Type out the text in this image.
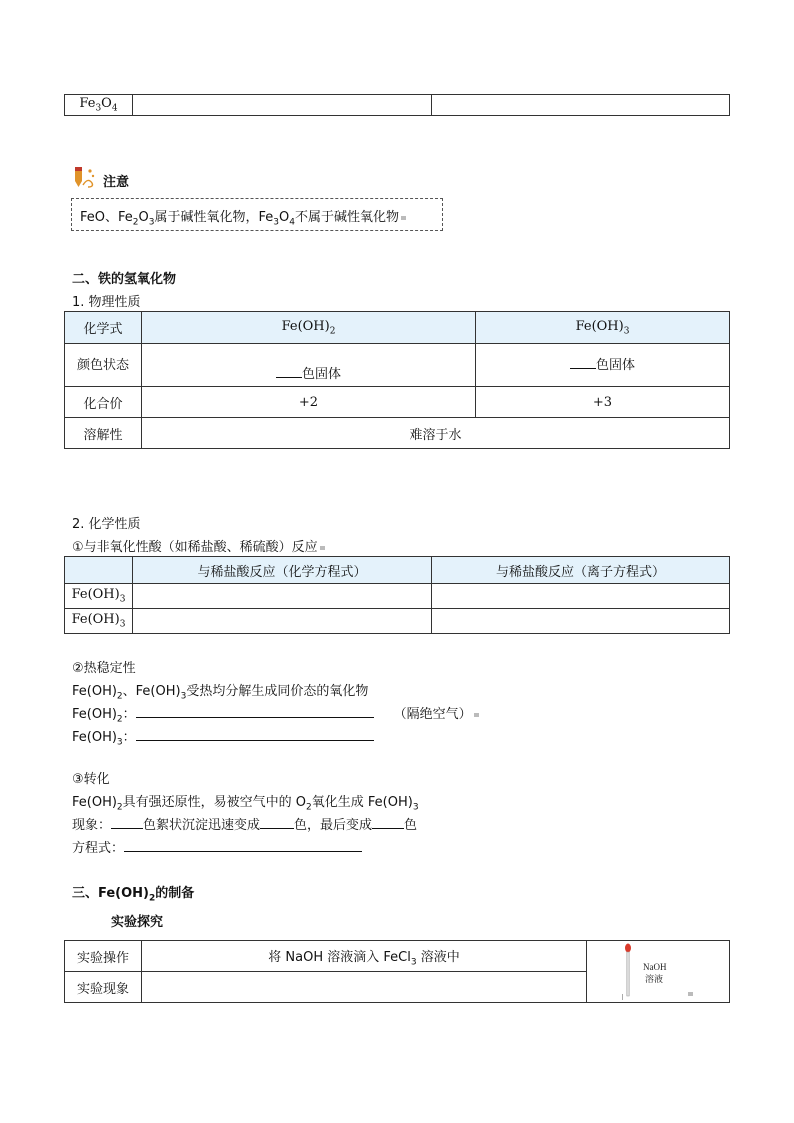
$Fe_3O_4$		
注意
FeO、$Fe_2O_3$属于碱性氧化物，$Fe_3O_4$不属于碱性氧化物
二、铁的氢氧化物
1. 物理性质
化学式	$Fe(OH)_2$	$Fe(OH)_3$
颜色状态	色固体	色固体
化合价	+2	+3
溶解性	难溶于水	
2. 化学性质
①与非氧化性酸（如稀盐酸、稀硫酸）反应
	与稀盐酸反应（化学方程式）	与稀盐酸反应（离子方程式）
$Fe(OH)_3$		
$Fe(OH)_3$		
②热稳定性
$Fe(OH)_2$、$Fe(OH)_3$受热均分解生成同价态的氧化物
$Fe(OH)_2$：	（隔绝空气）
$Fe(OH)_3$：
③转化
$Fe(OH)_2$具有强还原性，易被空气中的 $O_2$氧化生成 $Fe(OH)_3$
现象： 色絮状沉淀迅速变成	色，最后变成 色
方程式：
三、$Fe(OH)_2$的制备
实验探究
实验操作	将 NaOH 溶液滴入 FeCl$_3$ 溶液中	NaOH
溶液

实验现象		
